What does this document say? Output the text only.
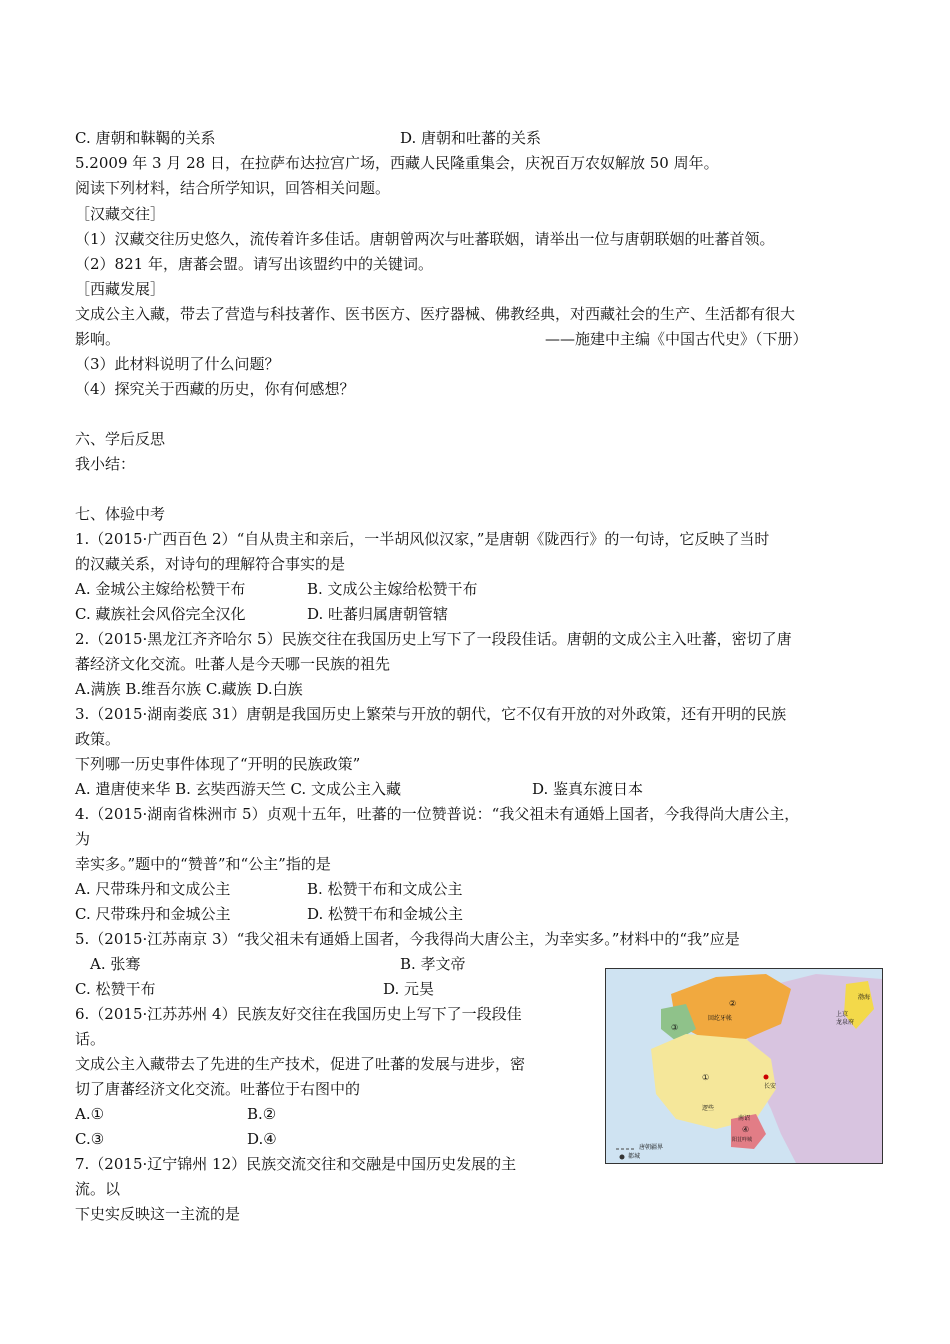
C. 唐朝和靺鞨的关系	D. 唐朝和吐蕃的关系
5.2009 年 3 月 28 日，在拉萨布达拉宫广场，西藏人民隆重集会，庆祝百万农奴解放 50 周年。
阅读下列材料，结合所学知识，回答相关问题。
［汉藏交往］
（1）汉藏交往历史悠久，流传着许多佳话。唐朝曾两次与吐蕃联姻，请举出一位与唐朝联姻的吐蕃首领。
（2）821 年，唐蕃会盟。请写出该盟约中的关键词。
［西藏发展］
文成公主入藏，带去了营造与科技著作、医书医方、医疗器械、佛教经典，对西藏社会的生产、生活都有很大
影响。	——施建中主编《中国古代史》（下册）
（3）此材料说明了什么问题？
（4）探究关于西藏的历史，你有何感想？
六、学后反思
我小结：
七、体验中考
1.（2015·广西百色 2）“自从贵主和亲后，一半胡风似汉家，”是唐朝《陇西行》的一句诗，它反映了当时
的汉藏关系，对诗句的理解符合事实的是
A. 金城公主嫁给松赞干布	B. 文成公主嫁给松赞干布
C. 藏族社会风俗完全汉化	D. 吐蕃归属唐朝管辖
2.（2015·黑龙江齐齐哈尔 5）民族交往在我国历史上写下了一段段佳话。唐朝的文成公主入吐蕃，密切了唐
蕃经济文化交流。吐蕃人是今天哪一民族的祖先
A.满族 B.维吾尔族 C.藏族 D.白族
3.（2015·湖南娄底 31）唐朝是我国历史上繁荣与开放的朝代，它不仅有开放的对外政策，还有开明的民族
政策。
下列哪一历史事件体现了“开明的民族政策”
A. 遣唐使来华 B. 玄奘西游天竺 C. 文成公主入藏	D. 鉴真东渡日本
4.（2015·湖南省株洲市 5）贞观十五年，吐蕃的一位赞普说：“我父祖未有通婚上国者，今我得尚大唐公主，
为
幸实多。”题中的“赞普”和“公主”指的是
A. 尺带珠丹和文成公主	B. 松赞干布和文成公主
C. 尺带珠丹和金城公主	D. 松赞干布和金城公主
5.（2015·江苏南京 3）“我父祖未有通婚上国者，今我得尚大唐公主，为幸实多。”材料中的“我”应是
A. 张骞	B. 孝文帝
C. 松赞干布	D. 元昊
6.（2015·江苏苏州 4）民族友好交往在我国历史上写下了一段段佳
话。
文成公主入藏带去了先进的生产技术，促进了吐蕃的发展与进步，密
切了唐蕃经济文化交流。吐蕃位于右图中的
A.①	B.②
C.③	D.④
7.（2015·辽宁锦州 12）民族交流交往和交融是中国历史发展的主
流。以
下史实反映这一主流的是
②
回纥牙帐
③
渤海
上京
龙泉府
①
长安
逻些
④
南诏
阳苴咩城
唐朝疆界
都城
